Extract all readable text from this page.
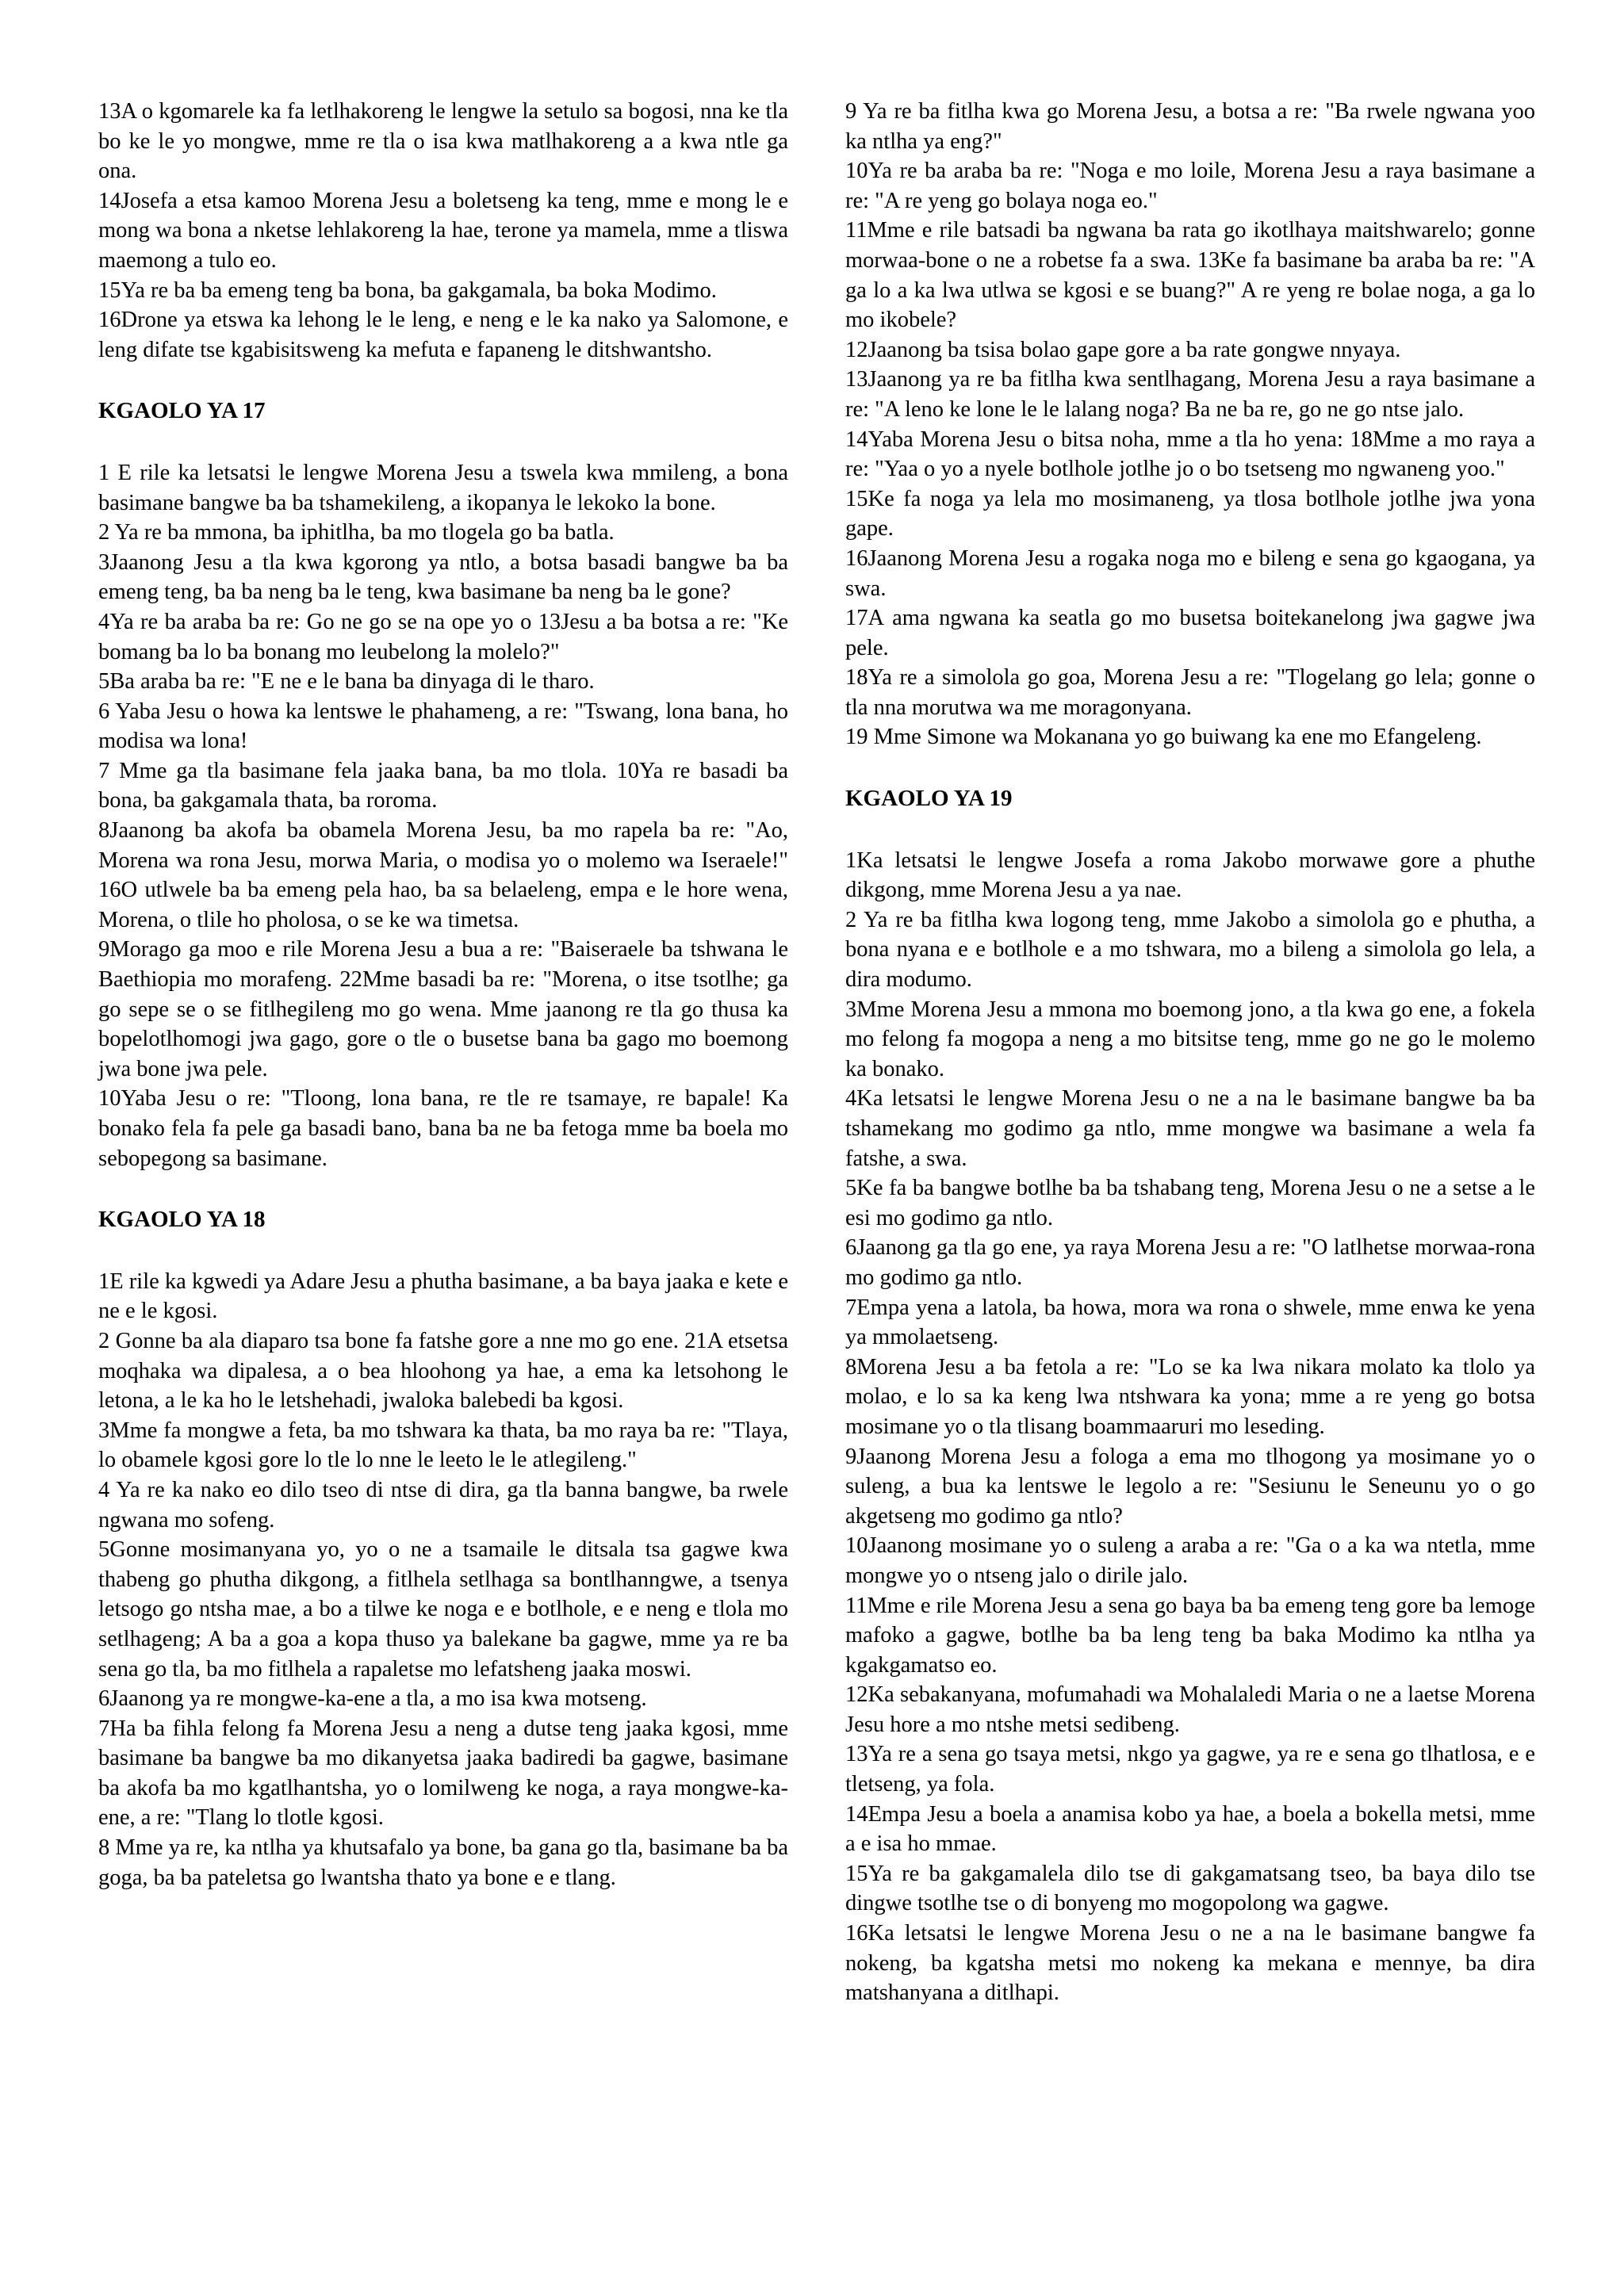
13A o kgomarele ka fa letlhakoreng le lengwe la setulo sa bogosi, nna ke tla bo ke le yo mongwe, mme re tla o isa kwa matlhakoreng a a kwa ntle ga ona.

14Josefa a etsa kamoo Morena Jesu a boletseng ka teng, mme e mong le e mong wa bona a nketse lehlakoreng la hae, terone ya mamela, mme a tliswa maemong a tulo eo.

15Ya re ba ba emeng teng ba bona, ba gakgamala, ba boka Modimo.

16Drone ya etswa ka lehong le le leng, e neng e le ka nako ya Salomone, e leng difate tse kgabisitsweng ka mefuta e fapaneng le ditshwantsho.

KGAOLO YA 17

1 E rile ka letsatsi le lengwe Morena Jesu a tswela kwa mmileng, a bona basimane bangwe ba ba tshamekileng, a ikopanya le lekoko la bone.

2 Ya re ba mmona, ba iphitlha, ba mo tlogela go ba batla.

3Jaanong Jesu a tla kwa kgorong ya ntlo, a botsa basadi bangwe ba ba emeng teng, ba ba neng ba le teng, kwa basimane ba neng ba le gone?

4Ya re ba araba ba re: Go ne go se na ope yo o 13Jesu a ba botsa a re: "Ke bomang ba lo ba bonang mo leubelong la molelo?"

5Ba araba ba re: "E ne e le bana ba dinyaga di le tharo.

6 Yaba Jesu o howa ka lentswe le phahameng, a re: "Tswang, lona bana, ho modisa wa lona!

7 Mme ga tla basimane fela jaaka bana, ba mo tlola. 10Ya re basadi ba bona, ba gakgamala thata, ba roroma.

8Jaanong ba akofa ba obamela Morena Jesu, ba mo rapela ba re: "Ao, Morena wa rona Jesu, morwa Maria, o modisa yo o molemo wa Iseraele!" 16O utlwele ba ba emeng pela hao, ba sa belaeleng, empa e le hore wena, Morena, o tlile ho pholosa, o se ke wa timetsa.

9Morago ga moo e rile Morena Jesu a bua a re: "Baiseraele ba tshwana le Baethiopia mo morafeng. 22Mme basadi ba re: "Morena, o itse tsotlhe; ga go sepe se o se fitlhegileng mo go wena. Mme jaanong re tla go thusa ka bopelotlhomogi jwa gago, gore o tle o busetse bana ba gago mo boemong jwa bone jwa pele.

10Yaba Jesu o re: "Tloong, lona bana, re tle re tsamaye, re bapale! Ka bonako fela fa pele ga basadi bano, bana ba ne ba fetoga mme ba boela mo sebopegong sa basimane.

KGAOLO YA 18

1E rile ka kgwedi ya Adare Jesu a phutha basimane, a ba baya jaaka e kete e ne e le kgosi.

2 Gonne ba ala diaparo tsa bone fa fatshe gore a nne mo go ene. 21A etsetsa moqhaka wa dipalesa, a o bea hloohong ya hae, a ema ka letsohong le letona, a le ka ho le letshehadi, jwaloka balebedi ba kgosi.

3Mme fa mongwe a feta, ba mo tshwara ka thata, ba mo raya ba re: "Tlaya, lo obamele kgosi gore lo tle lo nne le leeto le le atlegileng."

4 Ya re ka nako eo dilo tseo di ntse di dira, ga tla banna bangwe, ba rwele ngwana mo sofeng.

5Gonne mosimanyana yo, yo o ne a tsamaile le ditsala tsa gagwe kwa thabeng go phutha dikgong, a fitlhela setlhaga sa bontlhanngwe, a tsenya letsogo go ntsha mae, a bo a tilwe ke noga e e botlhole, e e neng e tlola mo setlhageng; A ba a goa a kopa thuso ya balekane ba gagwe, mme ya re ba sena go tla, ba mo fitlhela a rapaletse mo lefatsheng jaaka moswi.

6Jaanong ya re mongwe-ka-ene a tla, a mo isa kwa motseng.

7Ha ba fihla felong fa Morena Jesu a neng a dutse teng jaaka kgosi, mme basimane ba bangwe ba mo dikanyetsa jaaka badiredi ba gagwe, basimane ba akofa ba mo kgatlhantsha, yo o lomilweng ke noga, a raya mongwe-ka-ene, a re: "Tlang lo tlotle kgosi.

8 Mme ya re, ka ntlha ya khutsafalo ya bone, ba gana go tla, basimane ba ba goga, ba ba pateletsa go lwantsha thato ya bone e e tlang.

9 Ya re ba fitlha kwa go Morena Jesu, a botsa a re: "Ba rwele ngwana yoo ka ntlha ya eng?"

10Ya re ba araba ba re: "Noga e mo loile, Morena Jesu a raya basimane a re: "A re yeng go bolaya noga eo."

11Mme e rile batsadi ba ngwana ba rata go ikotlhaya maitshwarelo; gonne morwaa-bone o ne a robetse fa a swa. 13Ke fa basimane ba araba ba re: "A ga lo a ka lwa utlwa se kgosi e se buang?" A re yeng re bolae noga, a ga lo mo ikobele?

12Jaanong ba tsisa bolao gape gore a ba rate gongwe nnyaya.

13Jaanong ya re ba fitlha kwa sentlhagang, Morena Jesu a raya basimane a re: "A leno ke lone le le lalang noga? Ba ne ba re, go ne go ntse jalo.

14Yaba Morena Jesu o bitsa noha, mme a tla ho yena: 18Mme a mo raya a re: "Yaa o yo a nyele botlhole jotlhe jo o bo tsetseng mo ngwaneng yoo."

15Ke fa noga ya lela mo mosimaneng, ya tlosa botlhole jotlhe jwa yona gape.

16Jaanong Morena Jesu a rogaka noga mo e bileng e sena go kgaogana, ya swa.

17A ama ngwana ka seatla go mo busetsa boitekanelong jwa gagwe jwa pele.

18Ya re a simolola go goa, Morena Jesu a re: "Tlogelang go lela; gonne o tla nna morutwa wa me moragonyana.

19 Mme Simone wa Mokanana yo go buiwang ka ene mo Efangeleng.

KGAOLO YA 19

1Ka letsatsi le lengwe Josefa a roma Jakobo morwawe gore a phuthe dikgong, mme Morena Jesu a ya nae.

2 Ya re ba fitlha kwa logong teng, mme Jakobo a simolola go e phutha, a bona nyana e e botlhole e a mo tshwara, mo a bileng a simolola go lela, a dira modumo.

3Mme Morena Jesu a mmona mo boemong jono, a tla kwa go ene, a fokela mo felong fa mogopa a neng a mo bitsitse teng, mme go ne go le molemo ka bonako.

4Ka letsatsi le lengwe Morena Jesu o ne a na le basimane bangwe ba ba tshamekang mo godimo ga ntlo, mme mongwe wa basimane a wela fa fatshe, a swa.

5Ke fa ba bangwe botlhe ba ba tshabang teng, Morena Jesu o ne a setse a le esi mo godimo ga ntlo.

6Jaanong ga tla go ene, ya raya Morena Jesu a re: "O latlhetse morwaa-rona mo godimo ga ntlo.

7Empa yena a latola, ba howa, mora wa rona o shwele, mme enwa ke yena ya mmolaetseng.

8Morena Jesu a ba fetola a re: "Lo se ka lwa nikara molato ka tlolo ya molao, e lo sa ka keng lwa ntshwara ka yona; mme a re yeng go botsa mosimane yo o tla tlisang boammaaruri mo leseding.

9Jaanong Morena Jesu a fologa a ema mo tlhogong ya mosimane yo o suleng, a bua ka lentswe le legolo a re: "Sesiunu le Seneunu yo o go akgetseng mo godimo ga ntlo?

10Jaanong mosimane yo o suleng a araba a re: "Ga o a ka wa ntetla, mme mongwe yo o ntseng jalo o dirile jalo.

11Mme e rile Morena Jesu a sena go baya ba ba emeng teng gore ba lemoge mafoko a gagwe, botlhe ba ba leng teng ba baka Modimo ka ntlha ya kgakgamatso eo.

12Ka sebakanyana, mofumahadi wa Mohalaledi Maria o ne a laetse Morena Jesu hore a mo ntshe metsi sedibeng.

13Ya re a sena go tsaya metsi, nkgo ya gagwe, ya re e sena go tlhatlosa, e e tletseng, ya fola.

14Empa Jesu a boela a anamisa kobo ya hae, a boela a bokella metsi, mme a e isa ho mmae.

15Ya re ba gakgamalela dilo tse di gakgamatsang tseo, ba baya dilo tse dingwe tsotlhe tse o di bonyeng mo mogopolong wa gagwe.

16Ka letsatsi le lengwe Morena Jesu o ne a na le basimane bangwe fa nokeng, ba kgatsha metsi mo nokeng ka mekana e mennye, ba dira matshanyana a ditlhapi.
